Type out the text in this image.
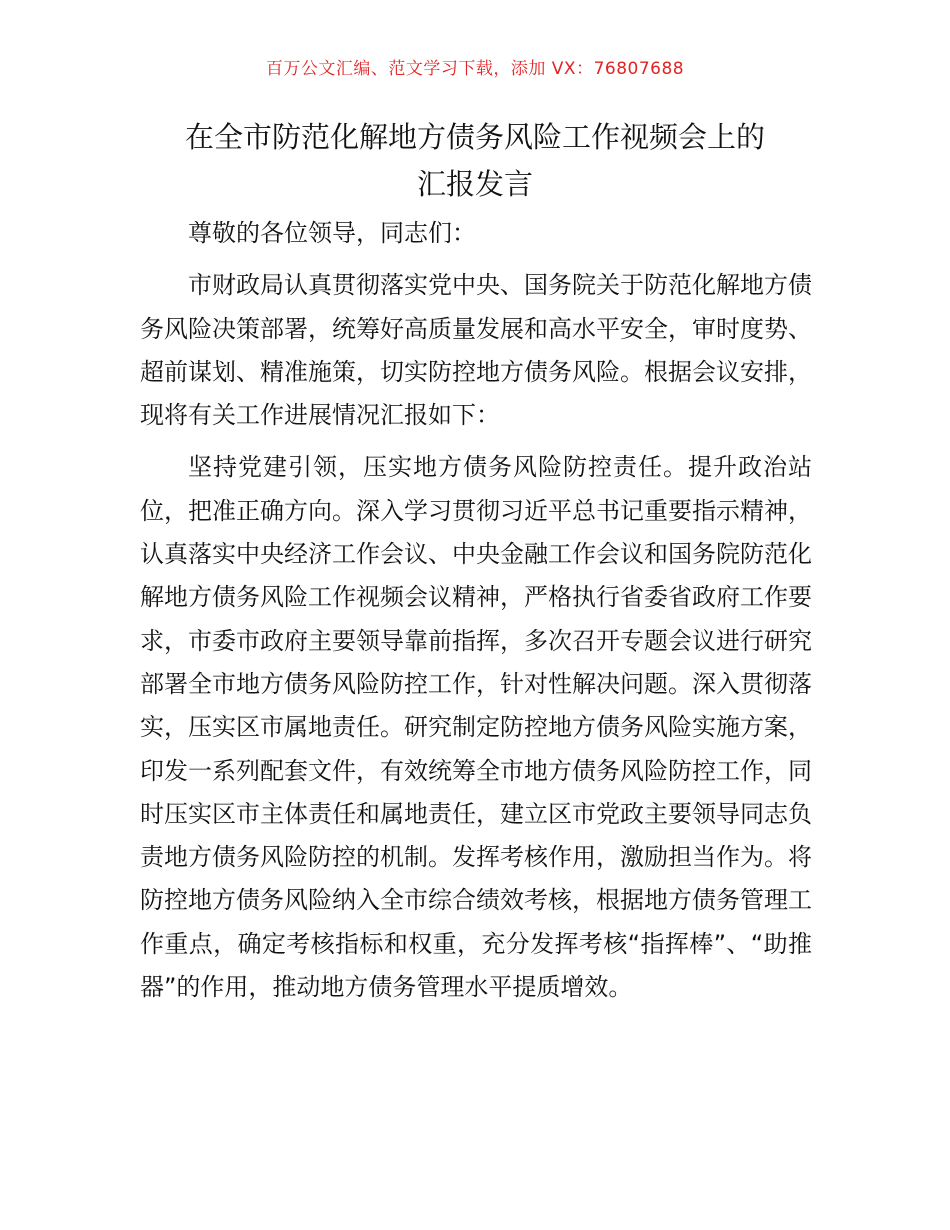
百万公文汇编、范文学习下载，添加 VX：76807688
在全市防范化解地方债务风险工作视频会上的
汇报发言

尊敬的各位领导，同志们：

市财政局认真贯彻落实党中央、国务院关于防范化解地方债务风险决策部署，统筹好高质量发展和高水平安全，审时度势、超前谋划、精准施策，切实防控地方债务风险。根据会议安排，现将有关工作进展情况汇报如下：

坚持党建引领，压实地方债务风险防控责任。提升政治站位，把准正确方向。深入学习贯彻习近平总书记重要指示精神，认真落实中央经济工作会议、中央金融工作会议和国务院防范化解地方债务风险工作视频会议精神，严格执行省委省政府工作要求，市委市政府主要领导靠前指挥，多次召开专题会议进行研究部署全市地方债务风险防控工作，针对性解决问题。深入贯彻落实，压实区市属地责任。研究制定防控地方债务风险实施方案，印发一系列配套文件，有效统筹全市地方债务风险防控工作，同时压实区市主体责任和属地责任，建立区市党政主要领导同志负责地方债务风险防控的机制。发挥考核作用，激励担当作为。将防控地方债务风险纳入全市综合绩效考核，根据地方债务管理工作重点，确定考核指标和权重，充分发挥考核“指挥棒”、“助推器”的作用，推动地方债务管理水平提质增效。
